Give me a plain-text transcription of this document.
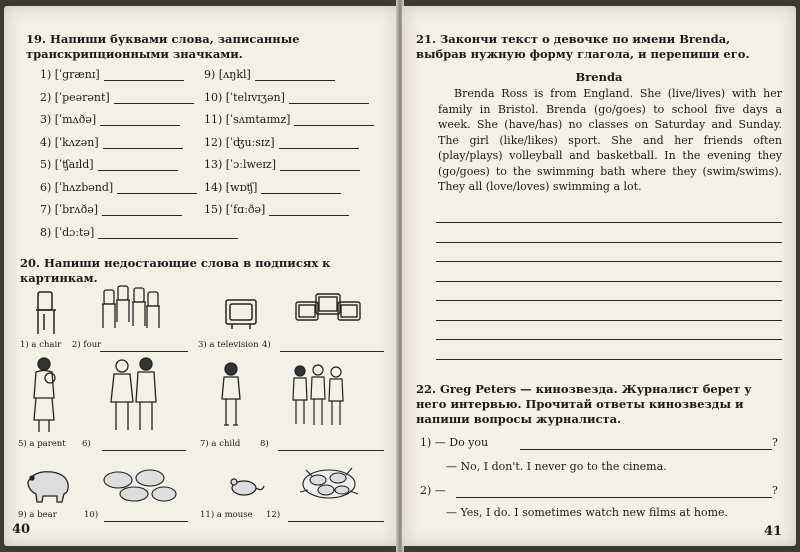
19. Напиши буквами слова, записанные транскрипционными значками.
1) [ˈgrænɪ]
2) [ˈpeərənt]
3) [ˈmʌðə]
4) [ˈkʌzən]
5) [ˈʧaɪld]
6) [ˈhʌzbənd]
7) [ˈbrʌðə]
8) [ˈdɔːtə]
9) [ʌŋkl]
10) [ˈtelɪvɪʒən]
11) [ˈsʌmtaɪmz]
12) [ˈʤuːsɪz]
13) [ˈɔːlweɪz]
14) [wɒʧ]
15) [ˈfɑːðə]
20. Напиши недостающие слова в подписях к картинкам.
1) a chair 2) four	3) a television 4)
5) a parent 6)	7) a child 8)
9) a bear	10)	11) a mouse 12)
40
21. Закончи текст о девочке по имени Brenda, выбрав нужную форму глагола, и перепиши его.
Brenda
Brenda Ross is from England. She (live/lives) with her family in Bristol. Brenda (go/goes) to school five days a week. She (have/has) no classes on Saturday and Sunday. The girl (like/likes) sport. She and her friends often (play/plays) volleyball and basketball. In the evening they (go/goes) to the swimming bath where they (swim/swims). They all (love/loves) swimming a lot.
22. Greg Peters — кинозвезда. Журналист берет у него интервью. Прочитай ответы кинозвезды и напиши вопросы журналиста.
1) — Do you	?
— No, I don't. I never go to the cinema.
2) —	?
— Yes, I do. I sometimes watch new films at home.
41
